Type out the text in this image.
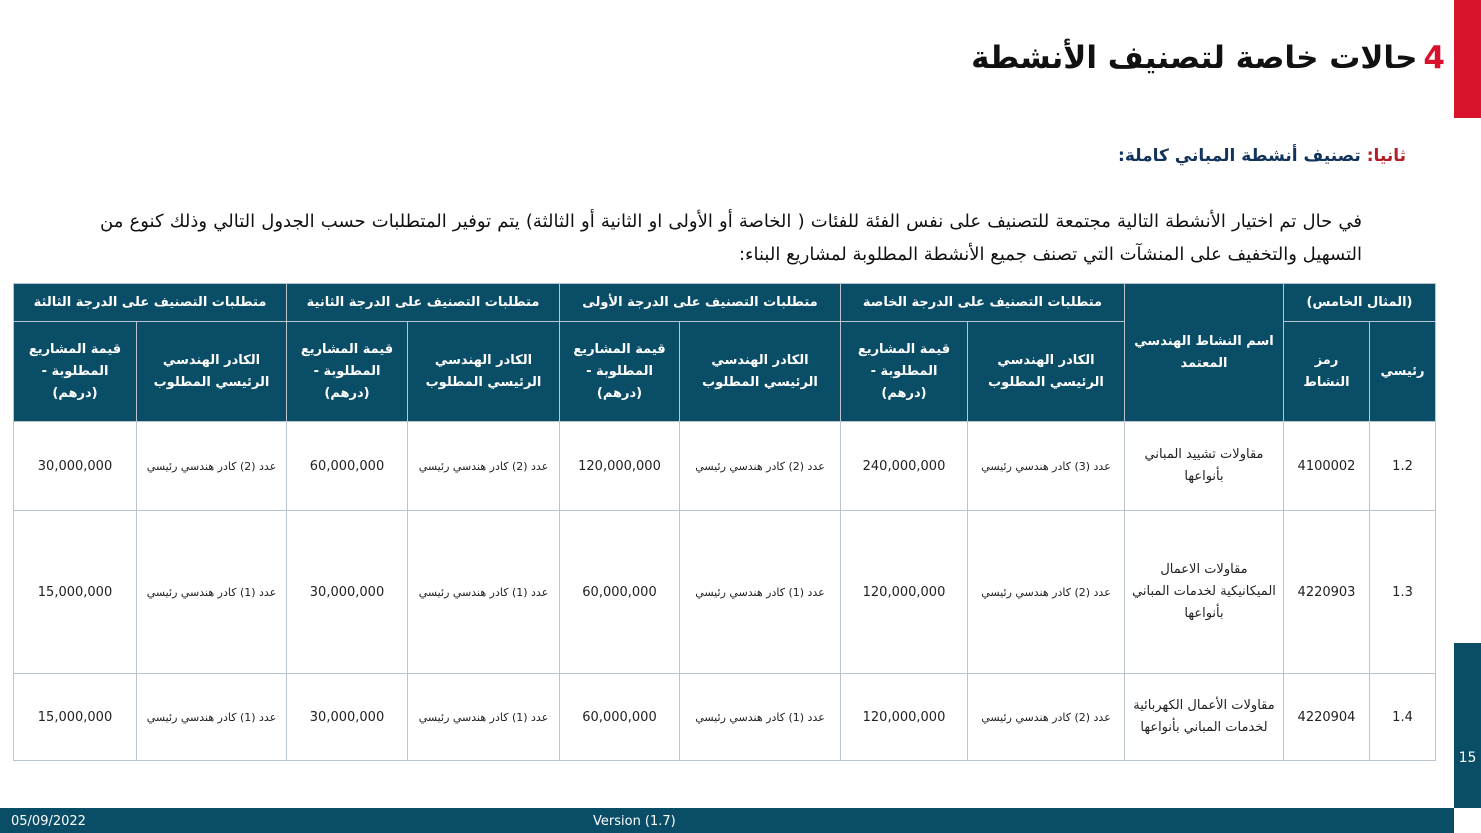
4حالات خاصة لتصنيف الأنشطة
ثانيا: تصنيف أنشطة المباني كاملة:
في حال تم اختيار الأنشطة التالية مجتمعة للتصنيف على نفس الفئة للفئات ( الخاصة أو الأولى او الثانية أو الثالثة) يتم توفير المتطلبات حسب الجدول التالي وذلك كنوع من التسهيل والتخفيف على المنشآت التي تصنف جميع الأنشطة المطلوبة لمشاريع البناء:
(المثال الخامس)		اسم النشاط الهندسي المعتمد	متطلبات التصنيف على الدرجة الخاصة		متطلبات التصنيف على الدرجة الأولى		متطلبات التصنيف على الدرجة الثانية		متطلبات التصنيف على الدرجة الثالثة	
رئيسي	رمز النشاط		الكادر الهندسي الرئيسي المطلوب	قيمة المشاريع المطلوبة - (درهم)	الكادر الهندسي الرئيسي المطلوب	قيمة المشاريع المطلوبة - (درهم)	الكادر الهندسي الرئيسي المطلوب	قيمة المشاريع المطلوبة - (درهم)	الكادر الهندسي الرئيسي المطلوب	قيمة المشاريع المطلوبة - (درهم)
1.2	4100002	مقاولات تشييد المباني بأنواعها	عدد (3) كادر هندسي رئيسي	240,000,000	عدد (2) كادر هندسي رئيسي	120,000,000	عدد (2) كادر هندسي رئيسي	60,000,000	عدد (2) كادر هندسي رئيسي	30,000,000
1.3	4220903	مقاولات الاعمال الميكانيكية لخدمات المباني بأنواعها	عدد (2) كادر هندسي رئيسي	120,000,000	عدد (1) كادر هندسي رئيسي	60,000,000	عدد (1) كادر هندسي رئيسي	30,000,000	عدد (1) كادر هندسي رئيسي	15,000,000
1.4	4220904	مقاولات الأعمال الكهربائية لخدمات المباني بأنواعها	عدد (2) كادر هندسي رئيسي	120,000,000	عدد (1) كادر هندسي رئيسي	60,000,000	عدد (1) كادر هندسي رئيسي	30,000,000	عدد (1) كادر هندسي رئيسي	15,000,000
15
05/09/2022	Version (1.7)
